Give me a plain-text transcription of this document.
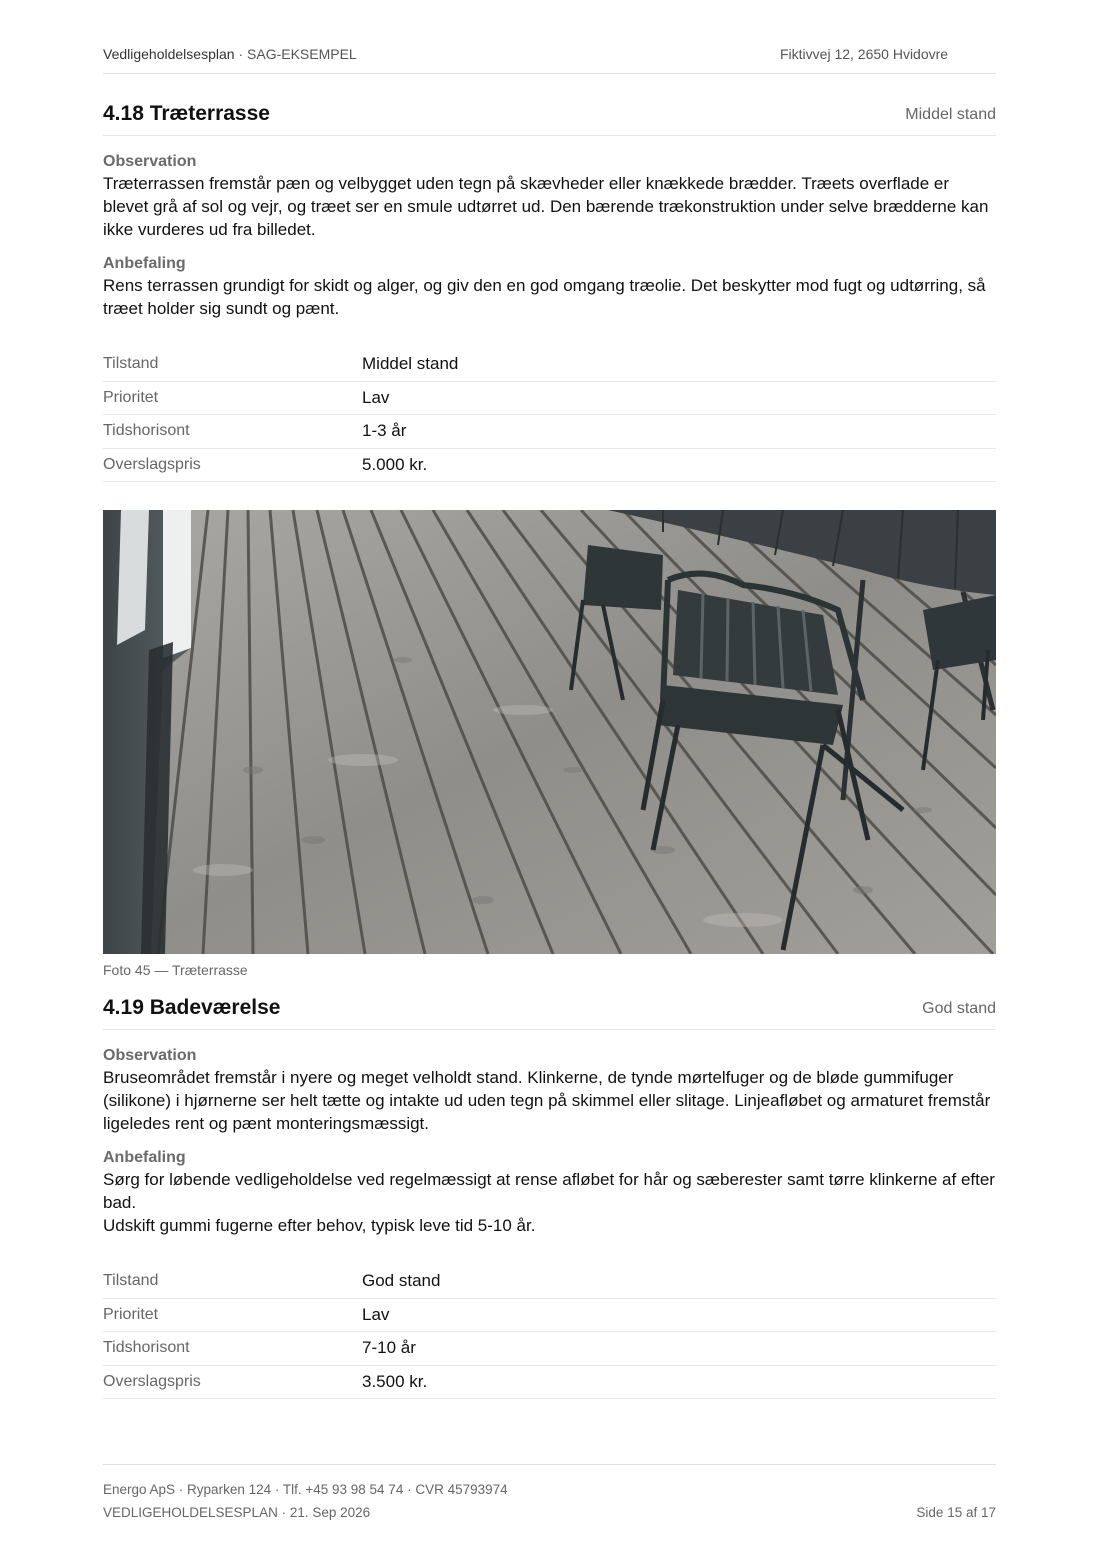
Vedligeholdelsesplan · SAG-EKSEMPEL	Fiktivvej 12, 2650 Hvidovre
4.18 Træterrasse	Middel stand
Observation
Træterrassen fremstår pæn og velbygget uden tegn på skævheder eller knækkede brædder. Træets overflade er blevet grå af sol og vejr, og træet ser en smule udtørret ud. Den bærende trækonstruktion under selve brædderne kan ikke vurderes ud fra billedet.
Anbefaling
Rens terrassen grundigt for skidt og alger, og giv den en god omgang træolie. Det beskytter mod fugt og udtørring, så træet holder sig sundt og pænt.
Tilstand	Middel stand
Prioritet	Lav
Tidshorisont	1-3 år
Overslagspris	5.000 kr.
Foto 45 — Træterrasse
4.19 Badeværelse	God stand
Observation
Bruseområdet fremstår i nyere og meget velholdt stand. Klinkerne, de tynde mørtelfuger og de bløde gummifuger (silikone) i hjørnerne ser helt tætte og intakte ud uden tegn på skimmel eller slitage. Linjeafløbet og armaturet fremstår ligeledes rent og pænt monteringsmæssigt.
Anbefaling
Sørg for løbende vedligeholdelse ved regelmæssigt at rense afløbet for hår og sæberester samt tørre klinkerne af efter bad.
Udskift gummi fugerne efter behov, typisk leve tid 5-10 år.
Tilstand	God stand
Prioritet	Lav
Tidshorisont	7-10 år
Overslagspris	3.500 kr.
Energo ApS · Ryparken 124 · Tlf. +45 93 98 54 74 · CVR 45793974
VEDLIGEHOLDELSESPLAN · 21. Sep 2026	Side 15 af 17
